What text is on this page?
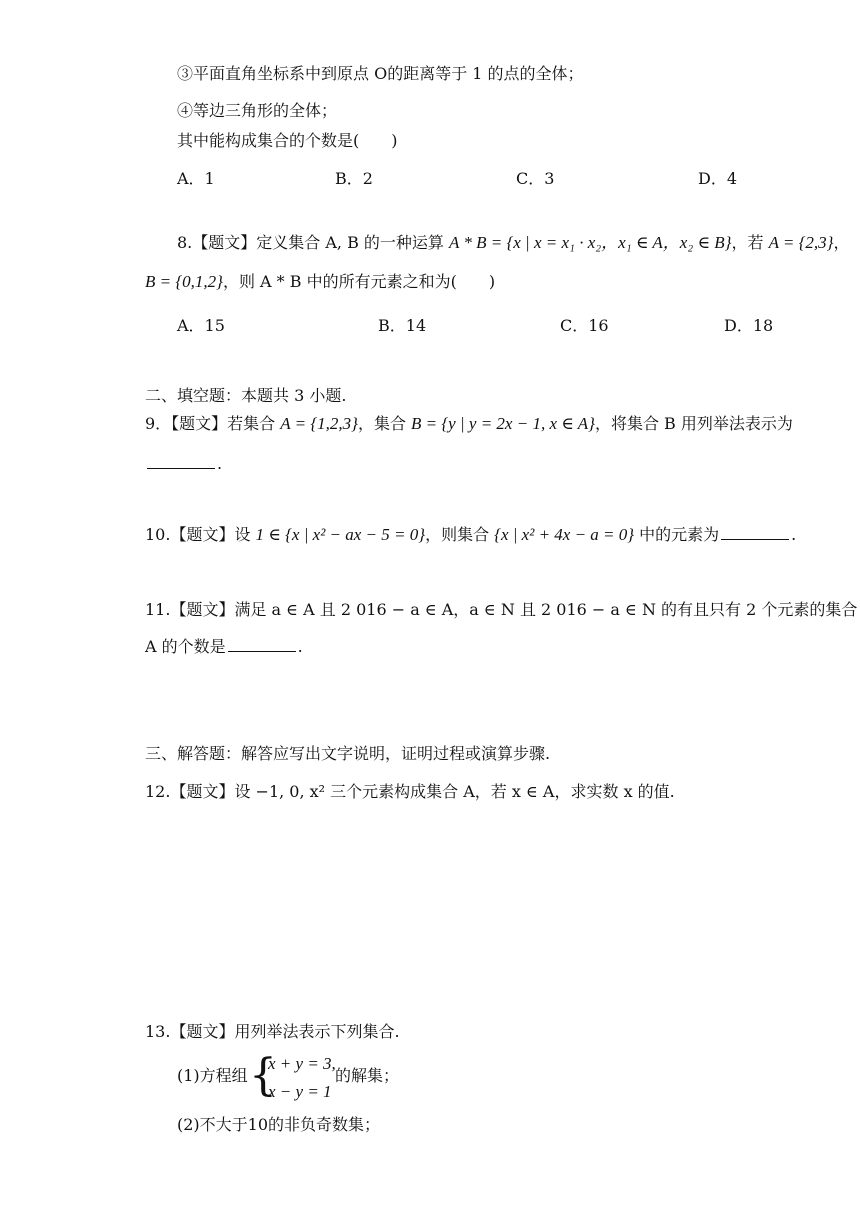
③平面直角坐标系中到原点 O的距离等于 1 的点的全体；
④等边三角形的全体；
其中能构成集合的个数是(　　)
A．1	B．2	C．3	D．4
8.【题文】定义集合 A, B 的一种运算 A * B = {x | x = x₁ · x₂，x₁ ∈ A，x₂ ∈ B}，若 A = {2,3}，
B = {0,1,2}，则 A * B 中的所有元素之和为(　　)
A．15	B．14	C．16	D．18
二、填空题：本题共 3 小题.
9．【题文】若集合 A = {1,2,3}，集合 B = {y | y = 2x − 1, x ∈ A}，将集合 B 用列举法表示为
.
10.【题文】设 1 ∈ {x | x² − ax − 5 = 0}，则集合 {x | x² + 4x − a = 0} 中的元素为	.
11.【题文】满足 a ∈ A 且 2 016 − a ∈ A，a ∈ N 且 2 016 − a ∈ N 的有且只有 2 个元素的集合
A 的个数是	.
三、解答题：解答应写出文字说明，证明过程或演算步骤.
12.【题文】设 −1, 0, x² 三个元素构成集合 A，若 x ∈ A，求实数 x 的值.
13.【题文】用列举法表示下列集合.
(1)方程组 {
x + y = 3,
x − y = 1
的解集；
(2)不大于10的非负奇数集；
